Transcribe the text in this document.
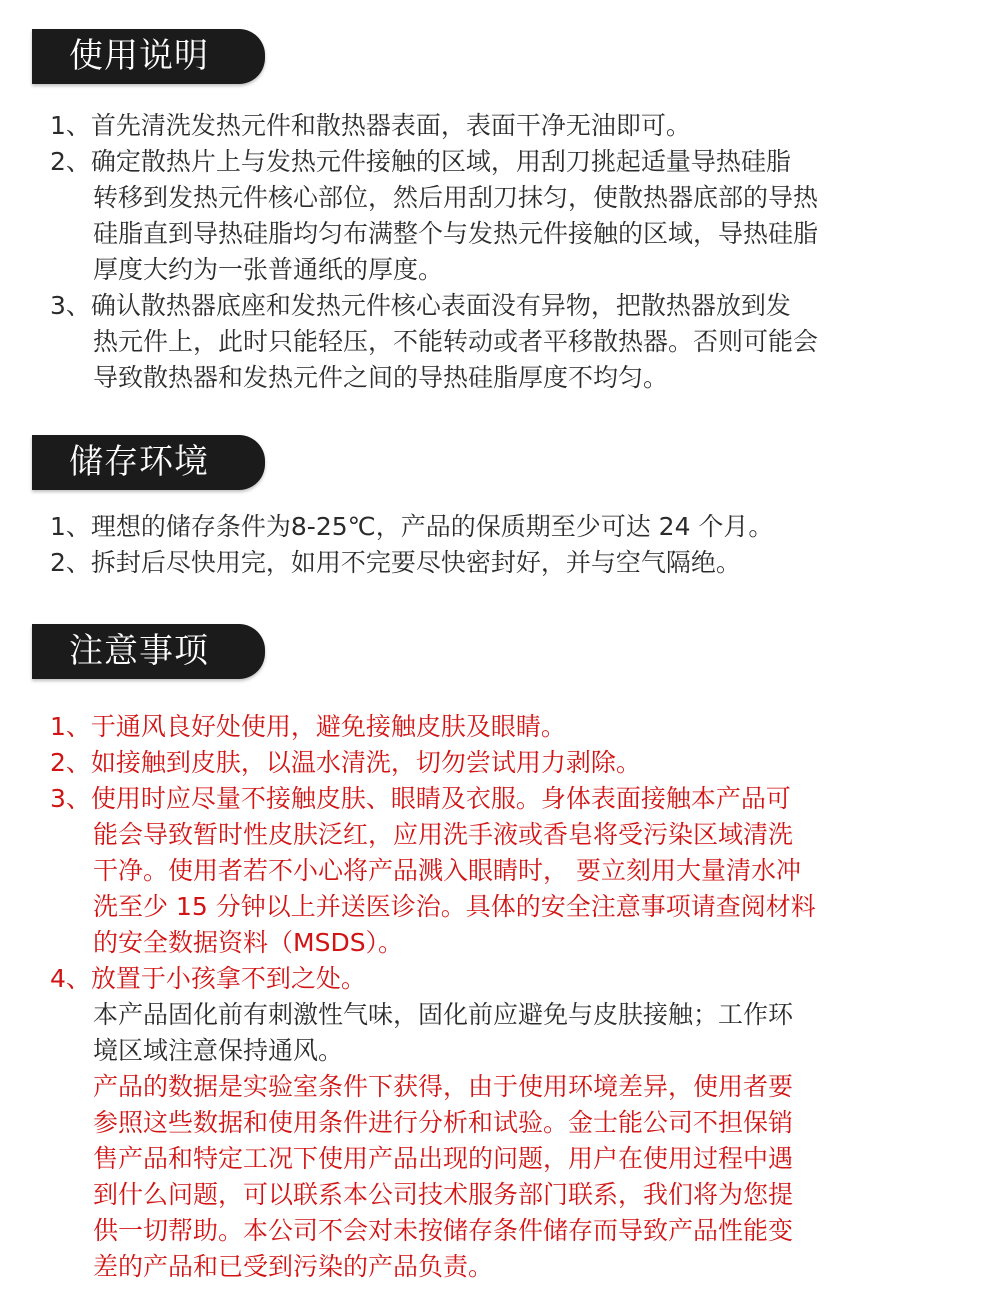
使用说明
1、首先清洗发热元件和散热器表面，表面干净无油即可。
2、确定散热片上与发热元件接触的区域，用刮刀挑起适量导热硅脂
转移到发热元件核心部位，然后用刮刀抹匀，使散热器底部的导热
硅脂直到导热硅脂均匀布满整个与发热元件接触的区域，导热硅脂
厚度大约为一张普通纸的厚度。
3、确认散热器底座和发热元件核心表面没有异物，把散热器放到发
热元件上，此时只能轻压，不能转动或者平移散热器。否则可能会
导致散热器和发热元件之间的导热硅脂厚度不均匀。
储存环境
1、理想的储存条件为8-25℃，产品的保质期至少可达 24 个月。
2、拆封后尽快用完，如用不完要尽快密封好，并与空气隔绝。
注意事项
1、于通风良好处使用，避免接触皮肤及眼睛。
2、如接触到皮肤，以温水清洗，切勿尝试用力剥除。
3、使用时应尽量不接触皮肤、眼睛及衣服。身体表面接触本产品可
能会导致暂时性皮肤泛红，应用洗手液或香皂将受污染区域清洗
干净。使用者若不小心将产品溅入眼睛时， 要立刻用大量清水冲
洗至少 15 分钟以上并送医诊治。具体的安全注意事项请查阅材料
的安全数据资料（MSDS）。
4、放置于小孩拿不到之处。
本产品固化前有刺激性气味，固化前应避免与皮肤接触；工作环
境区域注意保持通风。
产品的数据是实验室条件下获得，由于使用环境差异，使用者要
参照这些数据和使用条件进行分析和试验。金士能公司不担保销
售产品和特定工况下使用产品出现的问题，用户在使用过程中遇
到什么问题，可以联系本公司技术服务部门联系，我们将为您提
供一切帮助。本公司不会对未按储存条件储存而导致产品性能变
差的产品和已受到污染的产品负责。
